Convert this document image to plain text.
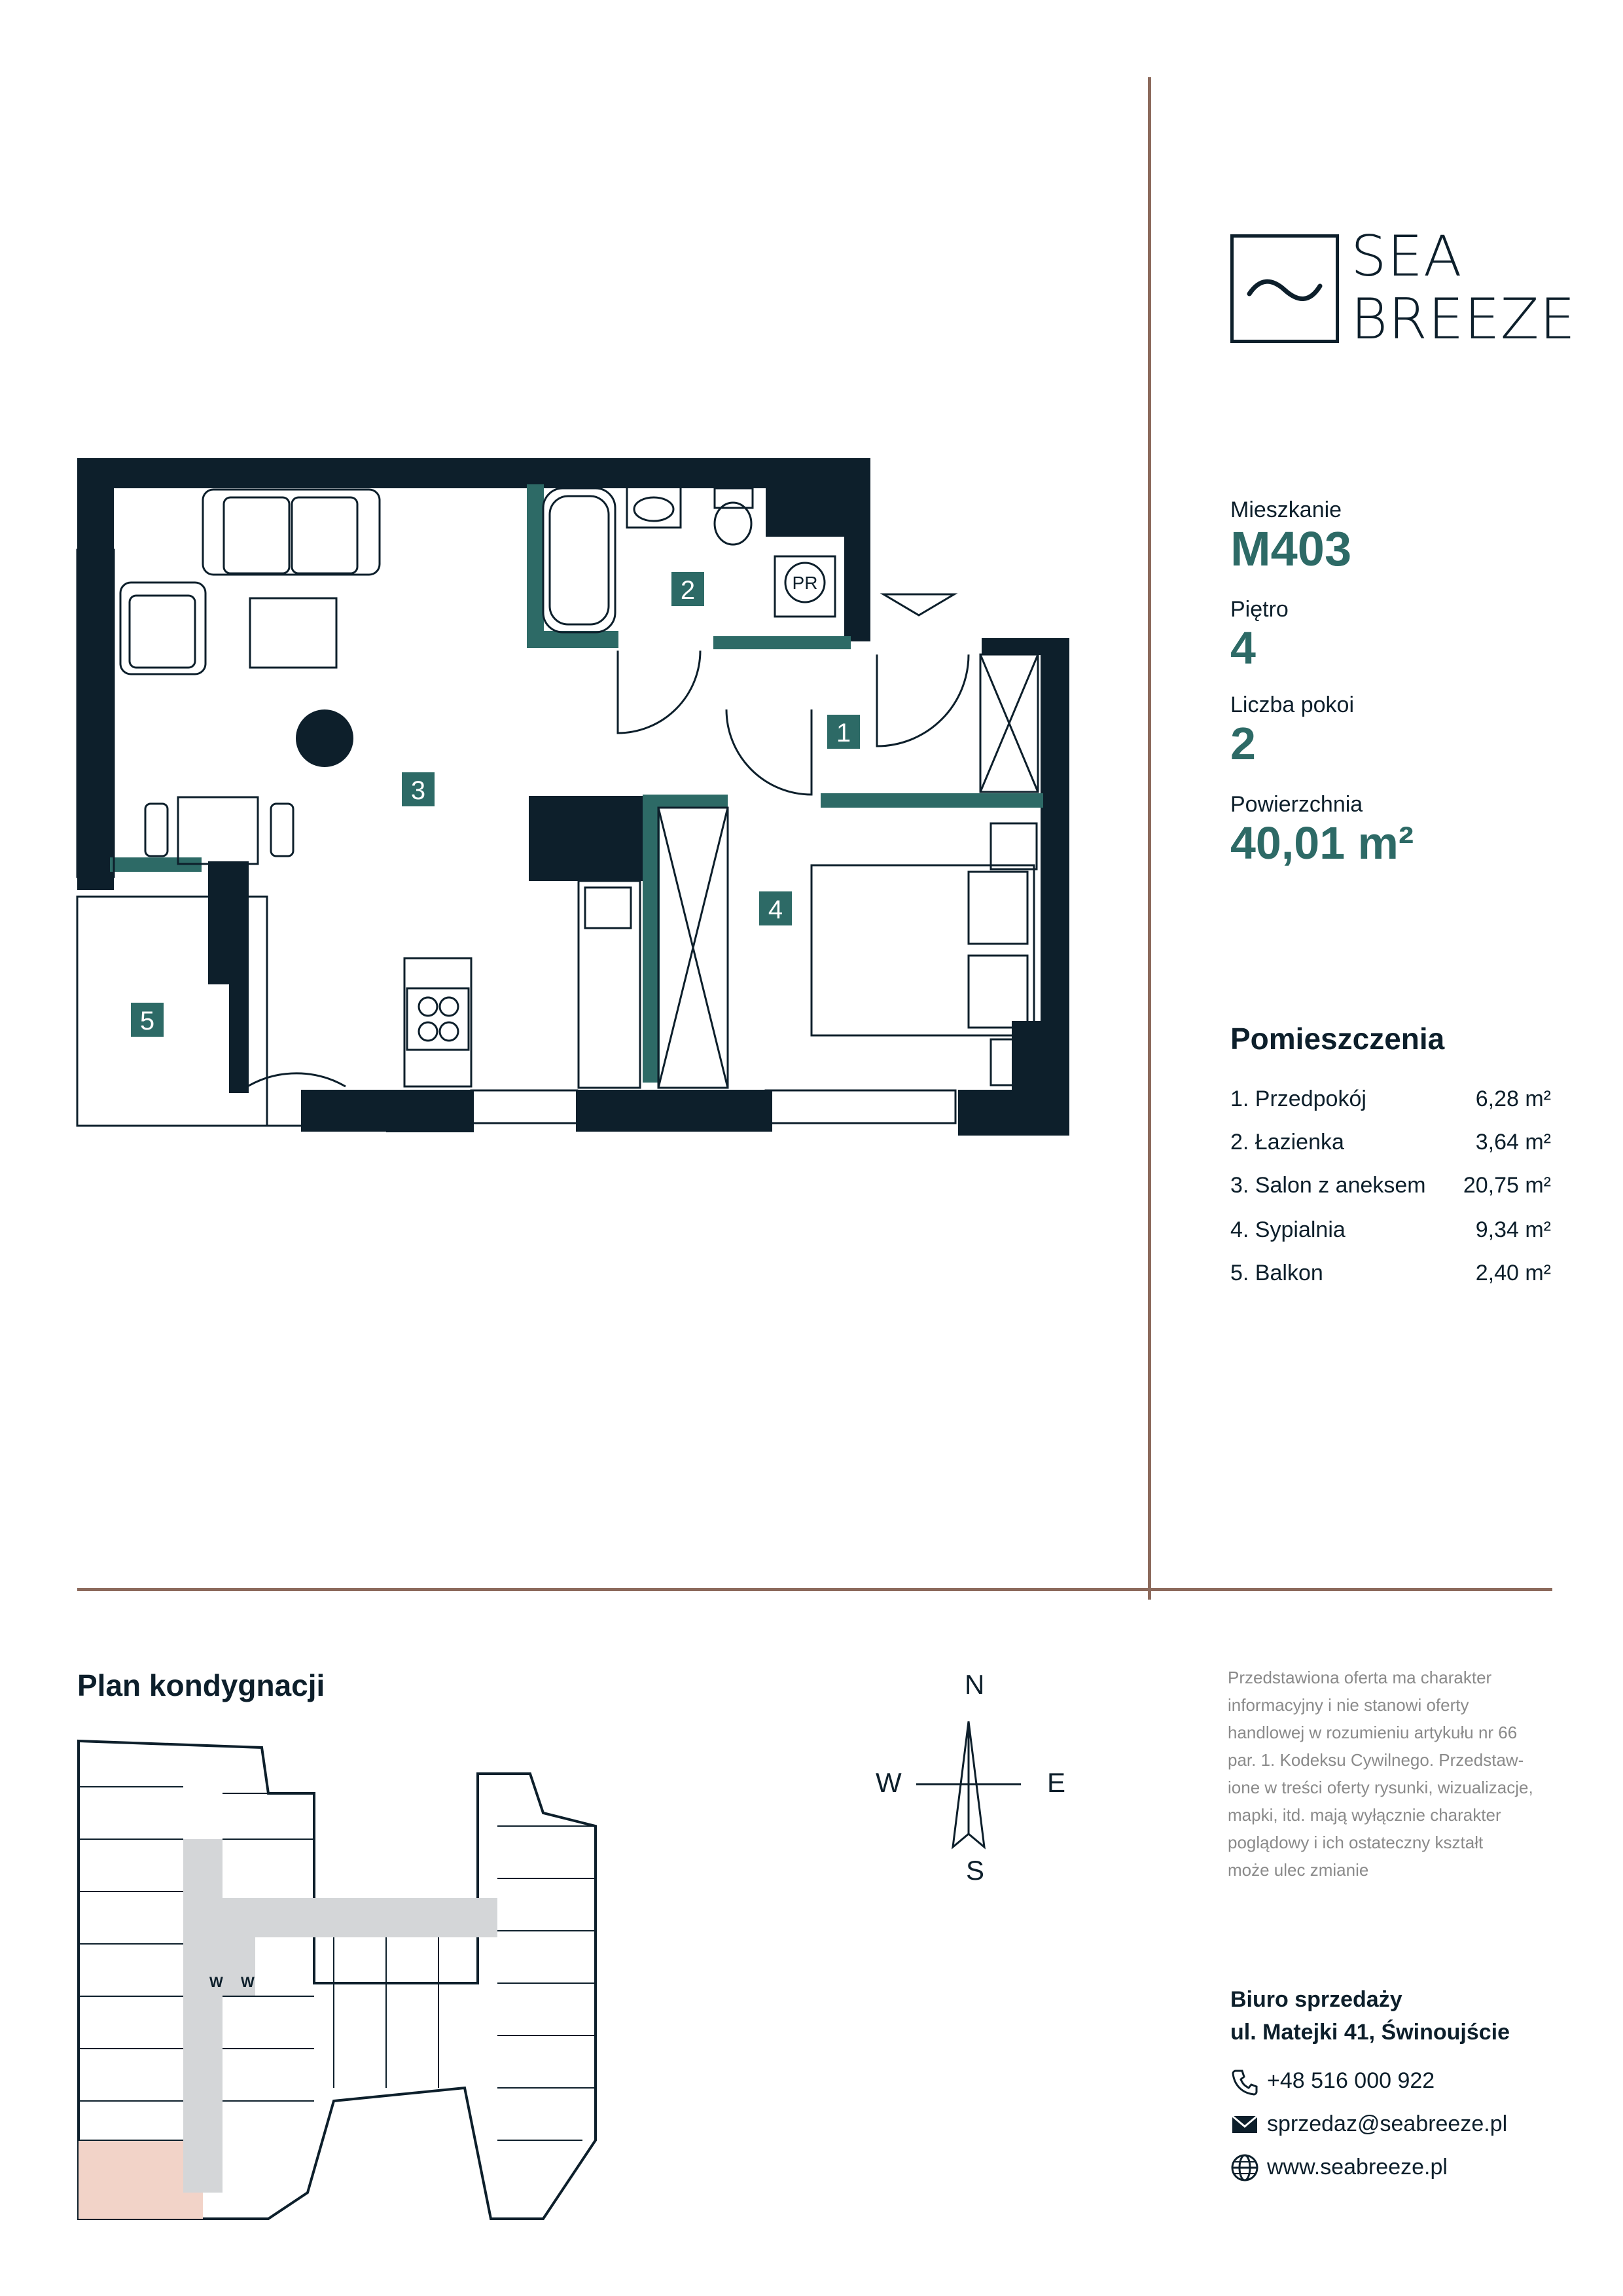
SEA
BREEZE
Mieszkanie
M403
Piętro
4
Liczba pokoi
2
Powierzchnia
40,01 m²
Pomieszczenia
1. Przedpokój	6,28 m²
2. Łazienka	3,64 m²
3. Salon z aneksem 20,75 m²
4. Sypialnia	9,34 m²
5. Balkon	2,40 m²
PR
1
2
3
4
5
Plan kondygnacji
W W
N
S
E
W
Przedstawiona oferta ma charakter
informacyjny i nie stanowi oferty
handlowej w rozumieniu artykułu nr 66
par. 1. Kodeksu Cywilnego. Przedstaw-
ione w treści oferty rysunki, wizualizacje,
mapki, itd. mają wyłącznie charakter
poglądowy i ich ostateczny kształt
może ulec zmianie
Biuro sprzedaży
ul. Matejki 41, Świnoujście
+48 516 000 922
sprzedaz@seabreeze.pl
www.seabreeze.pl
